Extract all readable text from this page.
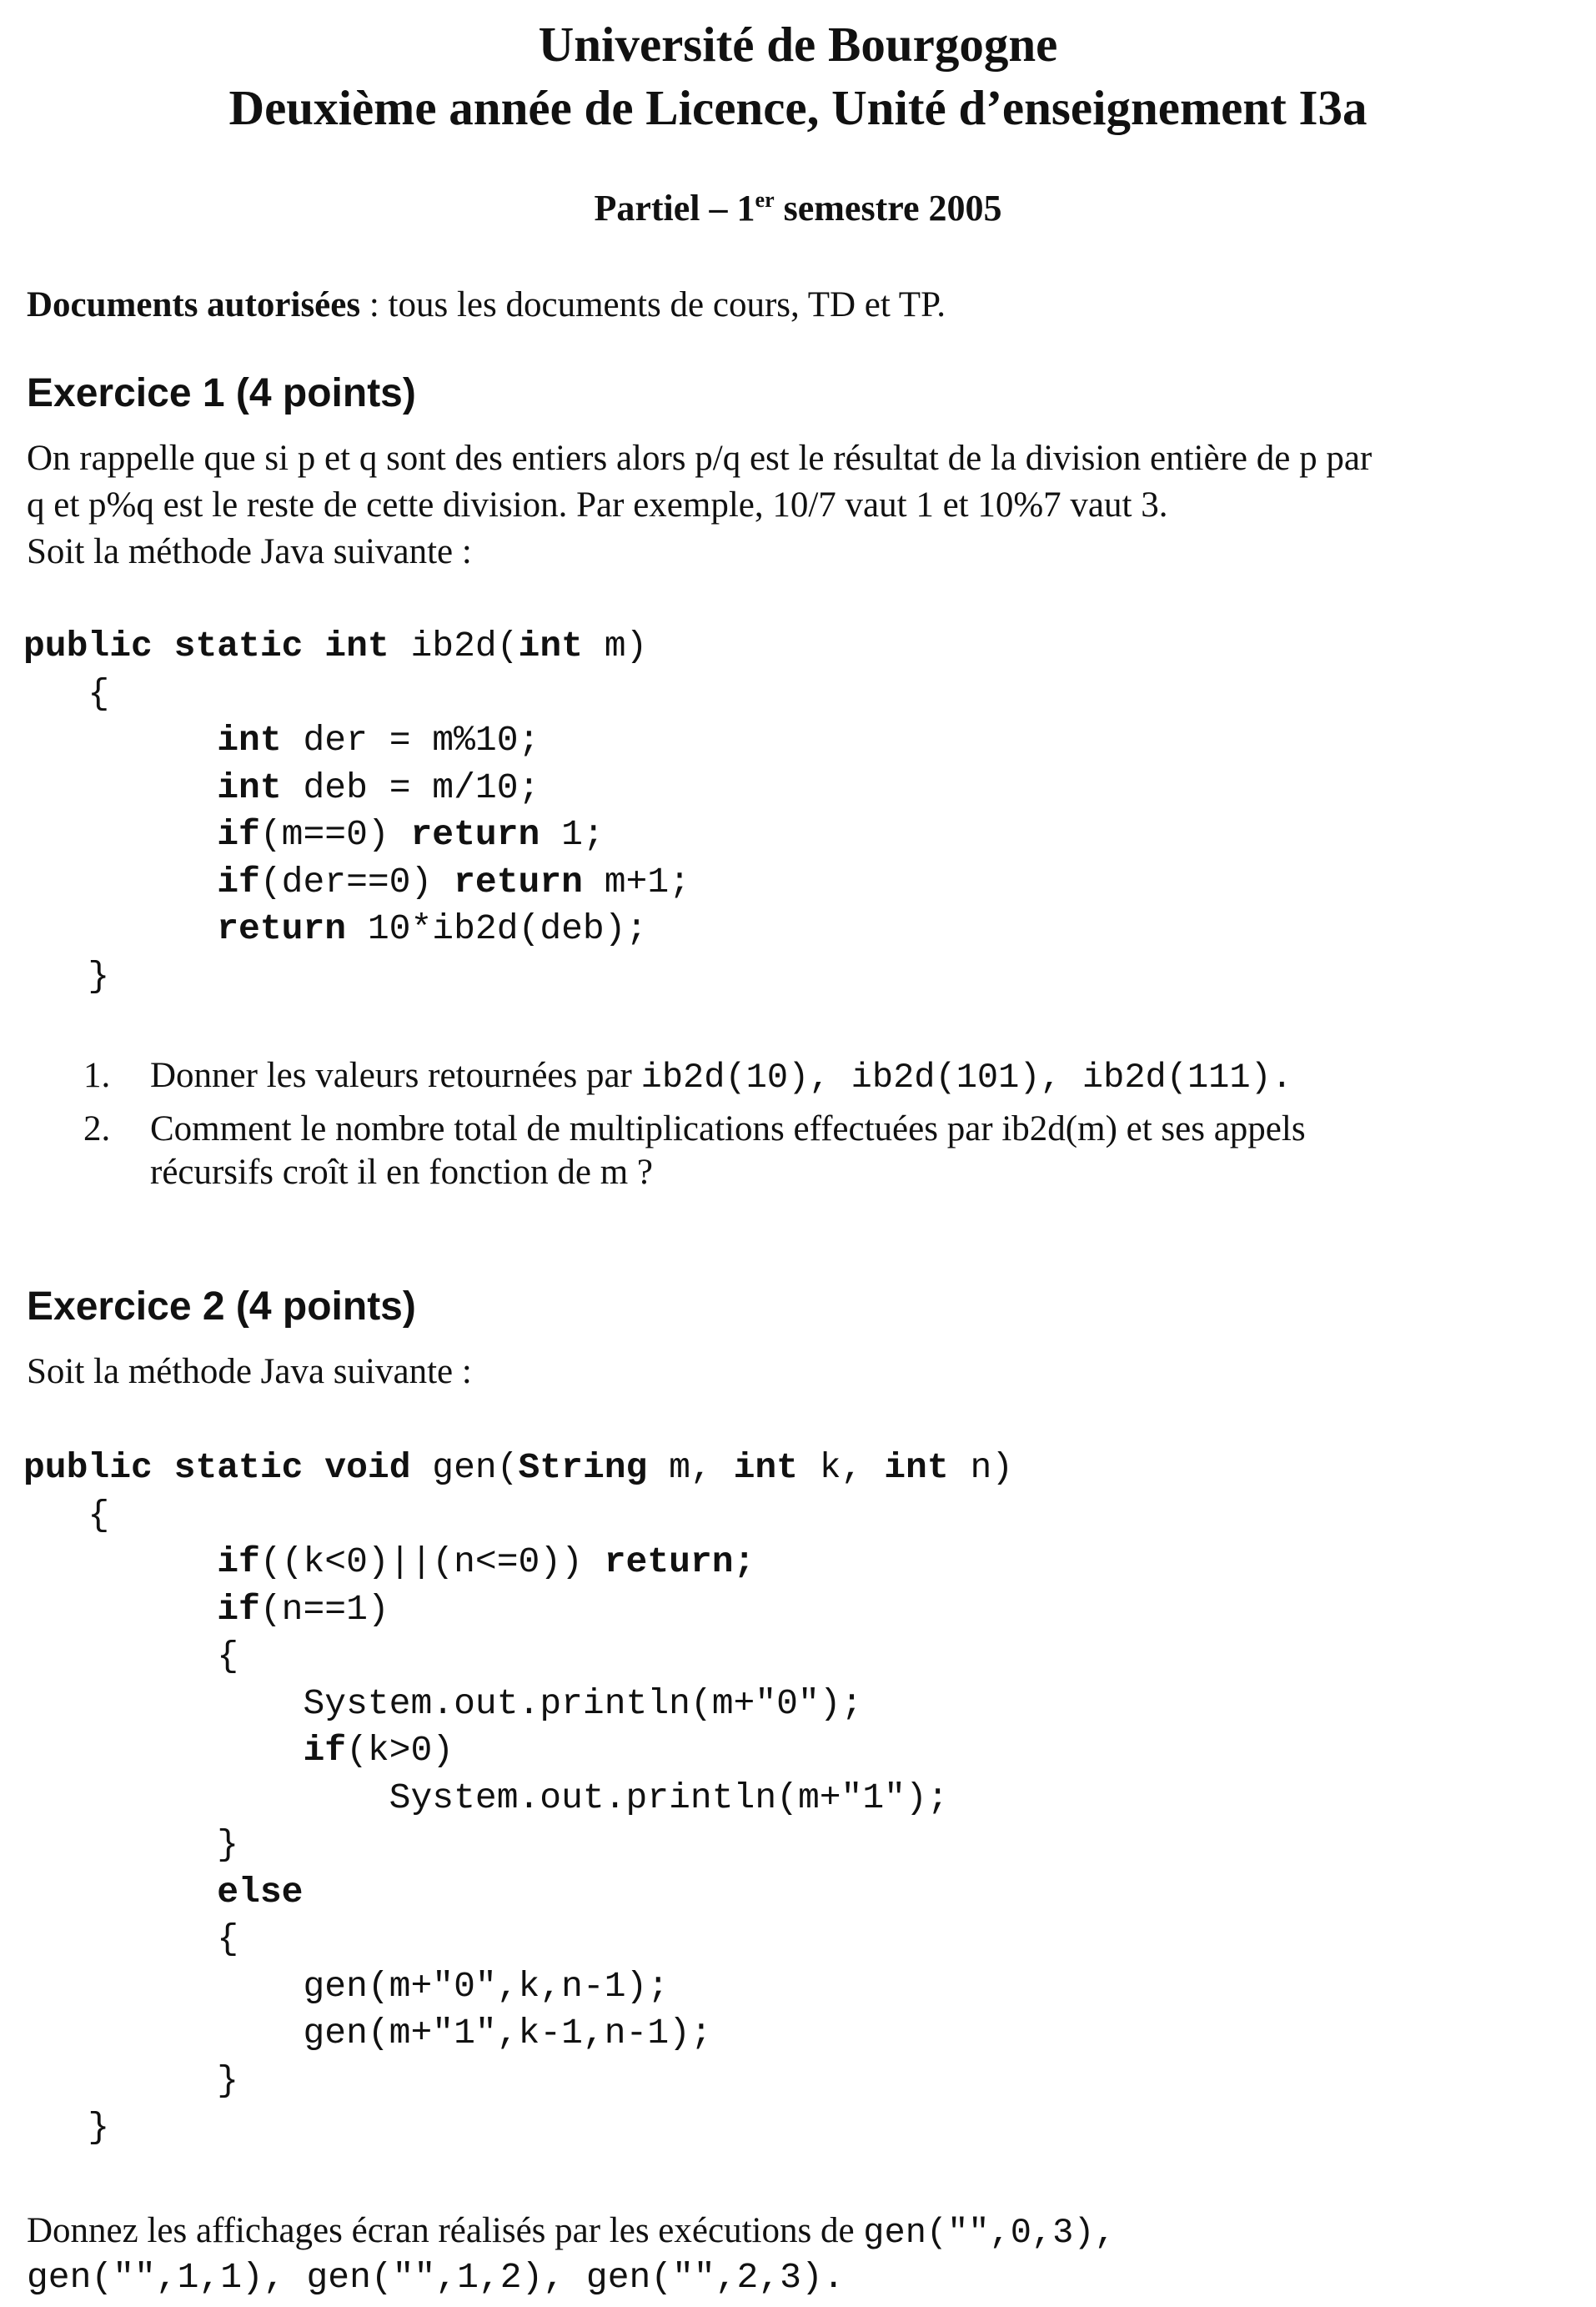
Université de Bourgogne
Deuxième année de Licence, Unité d’enseignement I3a
Partiel – 1er semestre 2005
Documents autorisées : tous les documents de cours, TD et TP.
Exercice 1 (4 points)
On rappelle que si p et q sont des entiers alors p/q est le résultat de la division entière de p par
q et p%q est le reste de cette division. Par exemple, 10/7 vaut 1 et 10%7 vaut 3.
Soit la méthode Java suivante :
public static int ib2d(int m)
{
int der = m%10;
int deb = m/10;
if(m==0) return 1;
if(der==0) return m+1;
return 10*ib2d(deb);
}
1. Donner les valeurs retournées par ib2d(10), ib2d(101), ib2d(111).
2. Comment le nombre total de multiplications effectuées par ib2d(m) et ses appels
récursifs croît il en fonction de m ?
Exercice 2 (4 points)
Soit la méthode Java suivante :
public static void gen(String m, int k, int n)
{
if((k<0)||(n<=0)) return;
if(n==1)
{
System.out.println(m+"0");
if(k>0)
System.out.println(m+"1");
}
else
{
gen(m+"0",k,n-1);
gen(m+"1",k-1,n-1);
}
}
Donnez les affichages écran réalisés par les exécutions de gen("",0,3),
gen("",1,1), gen("",1,2), gen("",2,3).
